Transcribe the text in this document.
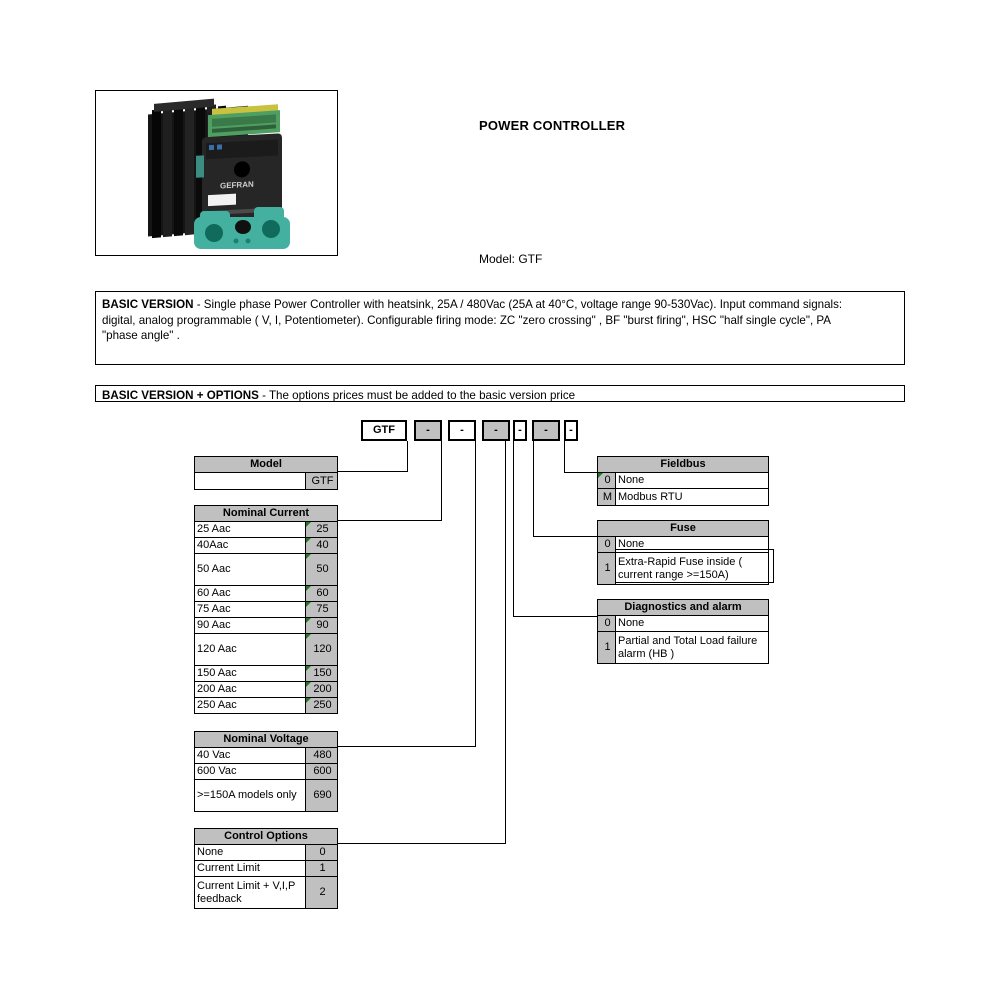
GEFRAN
POWER CONTROLLER
Model: GTF
BASIC VERSION - Single phase Power Controller with heatsink, 25A / 480Vac (25A at 40°C, voltage range 90-530Vac). Input command signals:
digital, analog programmable ( V, I, Potentiometer). Configurable firing mode: ZC "zero crossing" , BF "burst firing", HSC "half single cycle", PA
"phase angle" .
BASIC VERSION + OPTIONS - The options prices must be added to the basic version price
GTF	-	-	-	-	-	-
Model
	GTF
Nominal Current	
25 Aac	25
40Aac	40
50 Aac	50
60 Aac	60
75 Aac	75
90 Aac	90
120 Aac	120
150 Aac	150
200 Aac	200
250 Aac	250
Nominal Voltage	
40 Vac	480
600 Vac	600
>=150A models only	690
Control Options	
None	0
Current Limit	1
Current Limit + V,I,P feedback	2
Fieldbus	

0	None
M	Modbus RTU
Fuse	
0	None
1	Extra-Rapid Fuse inside ( current range >=150A)
Diagnostics and alarm	
0	None
1	Partial and Total Load failure alarm (HB )
